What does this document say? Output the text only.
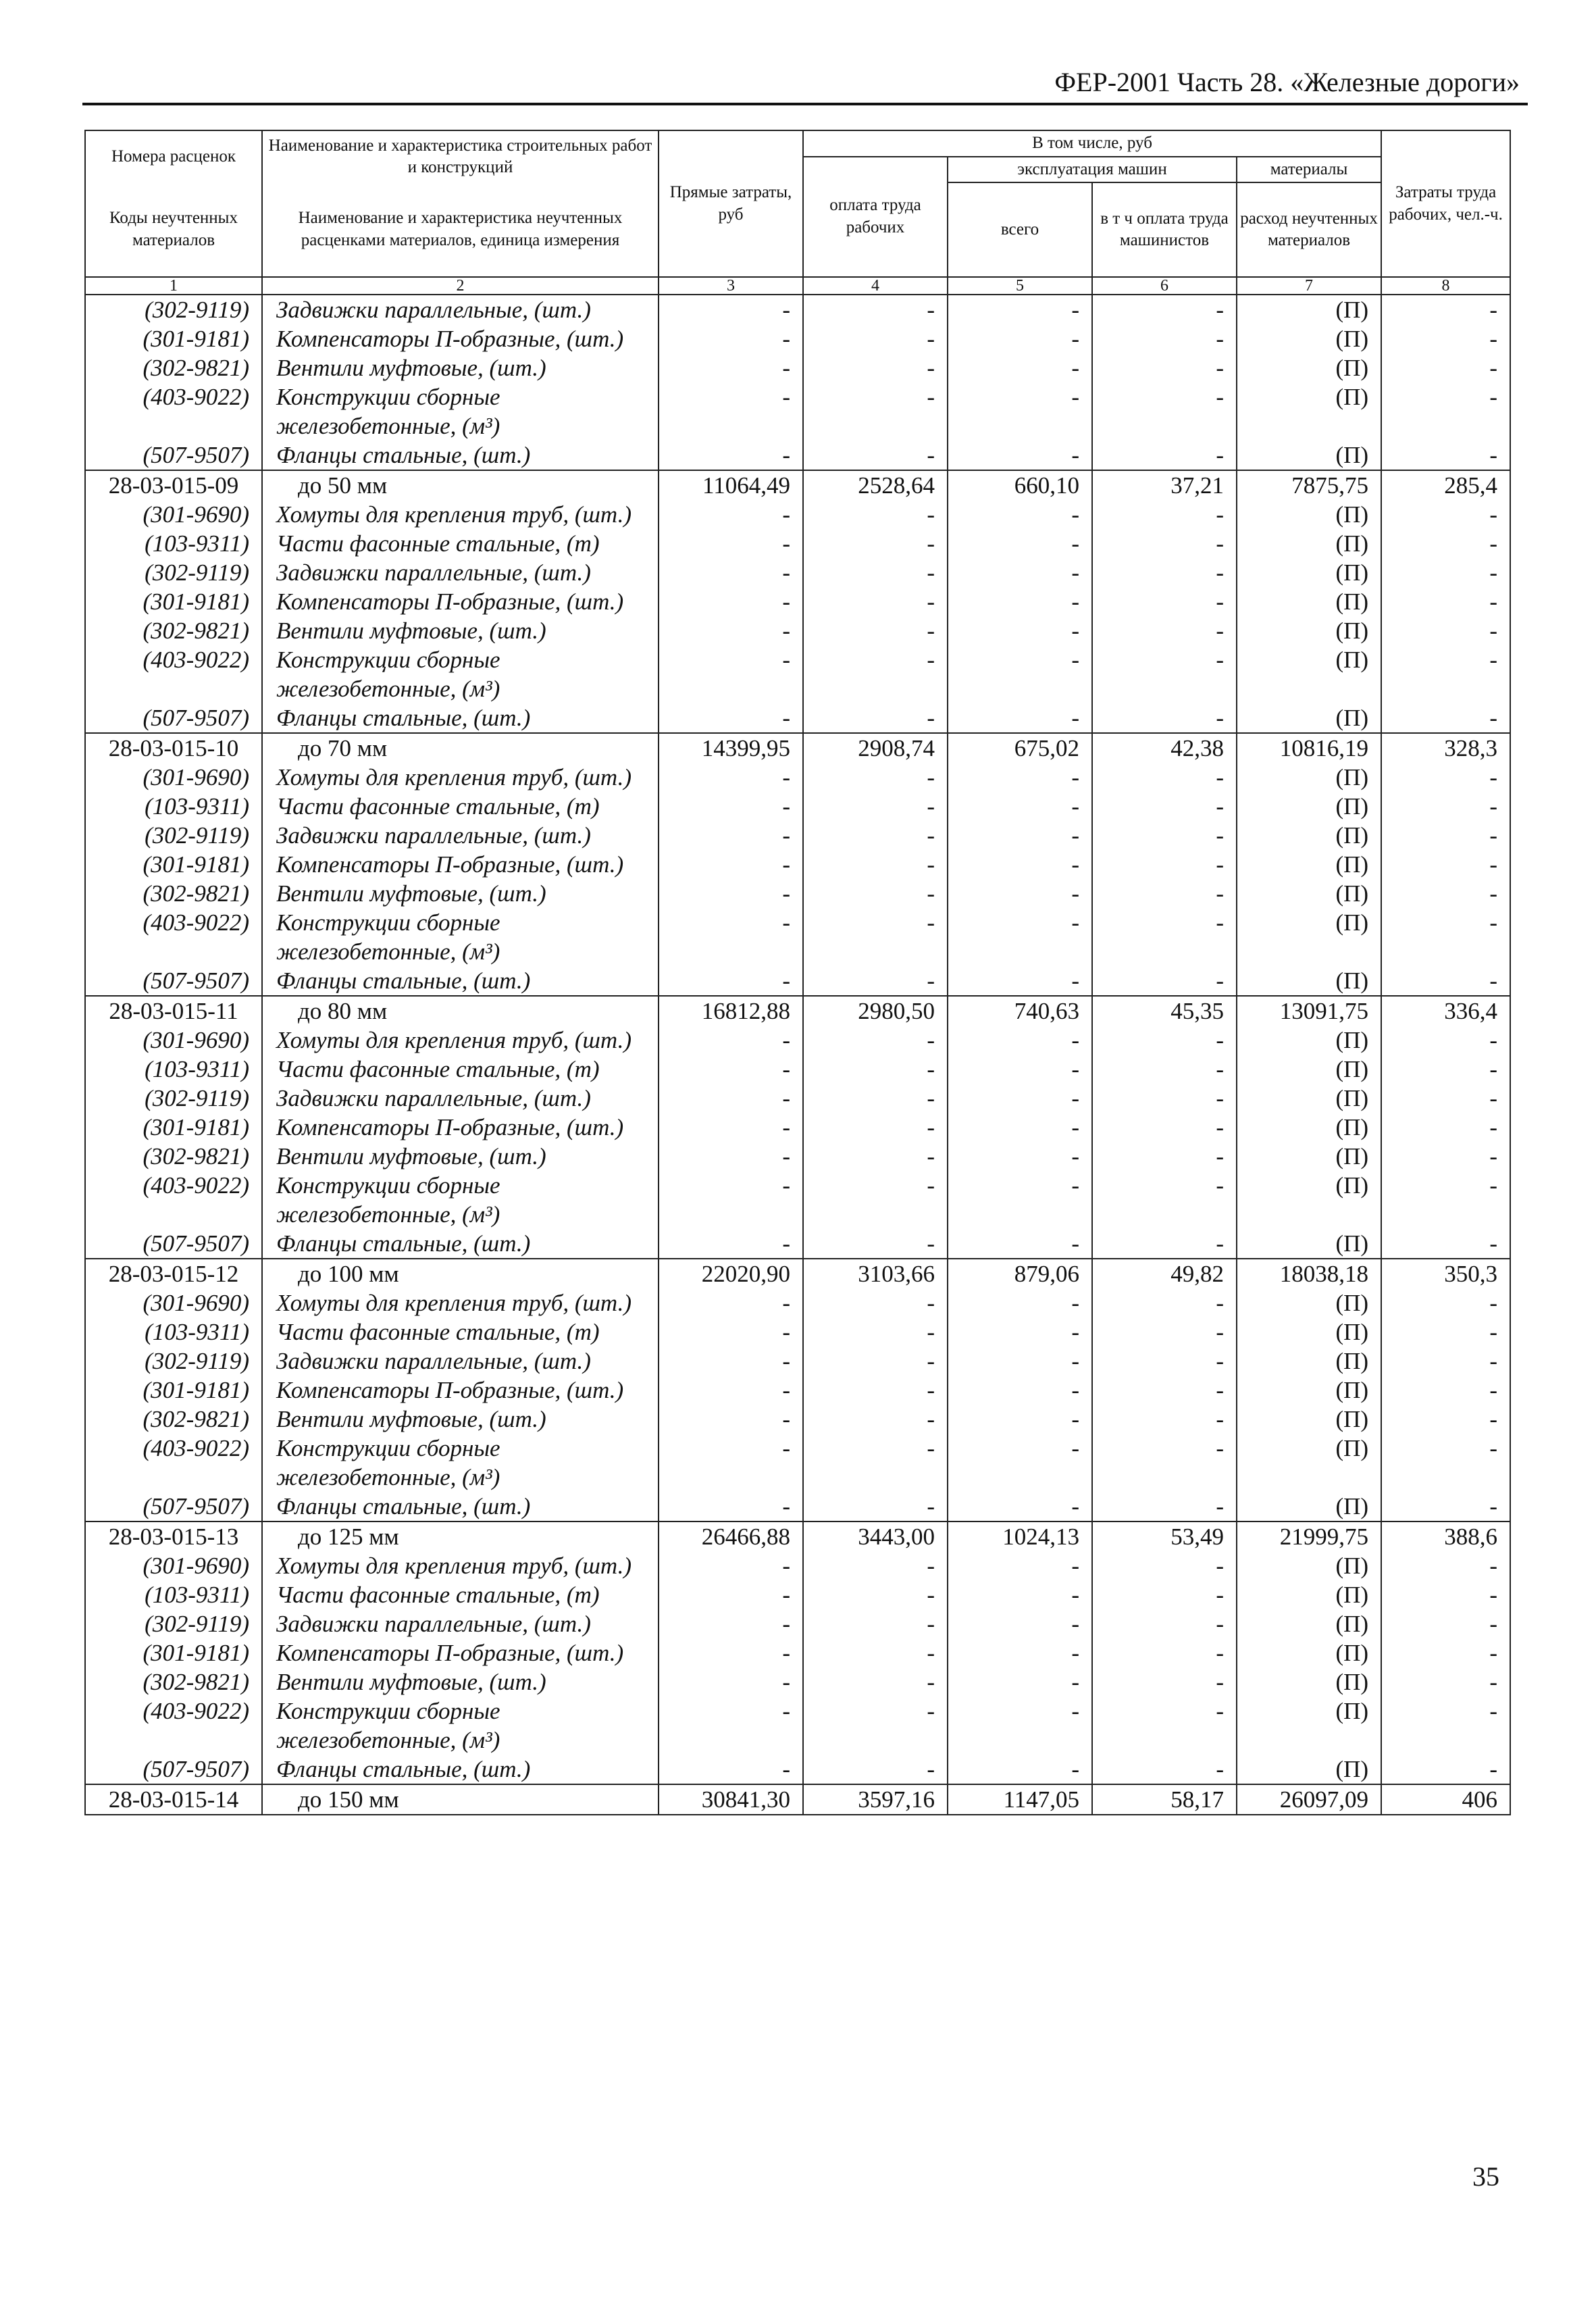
ФЕР-2001 Часть 28. «Железные дороги»
Номера расценок	Наименование и характеристика строительных работ и конструкций	Прямые затраты, руб	В том числе, руб				Затраты труда рабочих, чел.-ч.
			оплата труда рабочих	эксплуатация машин		материалы	
Коды неучтенных материалов	Наименование и характеристика неучтенных расценками материалов, единица измерения			всего	в т ч оплата труда машинистов	расход неучтенных материалов	

1	2	3	4	5	6	7	8
(302-9119)	Задвижки параллельные, (шт.)	-	-	-	-	(П)	-
(301-9181)	Компенсаторы П-образные, (шт.)	-	-	-	-	(П)	-
(302-9821)	Вентили муфтовые, (шт.)	-	-	-	-	(П)	-
(403-9022)	Конструкции сборные железобетонные, (м³)	-	-	-	-	(П)	-
(507-9507)	Фланцы стальные, (шт.)	-	-	-	-	(П)	-
28-03-015-09	до 50 мм	11064,49	2528,64	660,10	37,21	7875,75	285,4
(301-9690)	Хомуты для крепления труб, (шт.)	-	-	-	-	(П)	-
(103-9311)	Части фасонные стальные, (т)	-	-	-	-	(П)	-
(302-9119)	Задвижки параллельные, (шт.)	-	-	-	-	(П)	-
(301-9181)	Компенсаторы П-образные, (шт.)	-	-	-	-	(П)	-
(302-9821)	Вентили муфтовые, (шт.)	-	-	-	-	(П)	-
(403-9022)	Конструкции сборные железобетонные, (м³)	-	-	-	-	(П)	-
(507-9507)	Фланцы стальные, (шт.)	-	-	-	-	(П)	-
28-03-015-10	до 70 мм	14399,95	2908,74	675,02	42,38	10816,19	328,3
(301-9690)	Хомуты для крепления труб, (шт.)	-	-	-	-	(П)	-
(103-9311)	Части фасонные стальные, (т)	-	-	-	-	(П)	-
(302-9119)	Задвижки параллельные, (шт.)	-	-	-	-	(П)	-
(301-9181)	Компенсаторы П-образные, (шт.)	-	-	-	-	(П)	-
(302-9821)	Вентили муфтовые, (шт.)	-	-	-	-	(П)	-
(403-9022)	Конструкции сборные железобетонные, (м³)	-	-	-	-	(П)	-
(507-9507)	Фланцы стальные, (шт.)	-	-	-	-	(П)	-
28-03-015-11	до 80 мм	16812,88	2980,50	740,63	45,35	13091,75	336,4
(301-9690)	Хомуты для крепления труб, (шт.)	-	-	-	-	(П)	-
(103-9311)	Части фасонные стальные, (т)	-	-	-	-	(П)	-
(302-9119)	Задвижки параллельные, (шт.)	-	-	-	-	(П)	-
(301-9181)	Компенсаторы П-образные, (шт.)	-	-	-	-	(П)	-
(302-9821)	Вентили муфтовые, (шт.)	-	-	-	-	(П)	-
(403-9022)	Конструкции сборные железобетонные, (м³)	-	-	-	-	(П)	-
(507-9507)	Фланцы стальные, (шт.)	-	-	-	-	(П)	-
28-03-015-12	до 100 мм	22020,90	3103,66	879,06	49,82	18038,18	350,3
(301-9690)	Хомуты для крепления труб, (шт.)	-	-	-	-	(П)	-
(103-9311)	Части фасонные стальные, (т)	-	-	-	-	(П)	-
(302-9119)	Задвижки параллельные, (шт.)	-	-	-	-	(П)	-
(301-9181)	Компенсаторы П-образные, (шт.)	-	-	-	-	(П)	-
(302-9821)	Вентили муфтовые, (шт.)	-	-	-	-	(П)	-
(403-9022)	Конструкции сборные железобетонные, (м³)	-	-	-	-	(П)	-
(507-9507)	Фланцы стальные, (шт.)	-	-	-	-	(П)	-
28-03-015-13	до 125 мм	26466,88	3443,00	1024,13	53,49	21999,75	388,6
(301-9690)	Хомуты для крепления труб, (шт.)	-	-	-	-	(П)	-
(103-9311)	Части фасонные стальные, (т)	-	-	-	-	(П)	-
(302-9119)	Задвижки параллельные, (шт.)	-	-	-	-	(П)	-
(301-9181)	Компенсаторы П-образные, (шт.)	-	-	-	-	(П)	-
(302-9821)	Вентили муфтовые, (шт.)	-	-	-	-	(П)	-
(403-9022)	Конструкции сборные железобетонные, (м³)	-	-	-	-	(П)	-
(507-9507)	Фланцы стальные, (шт.)	-	-	-	-	(П)	-
28-03-015-14	до 150 мм	30841,30	3597,16	1147,05	58,17	26097,09	406
35
